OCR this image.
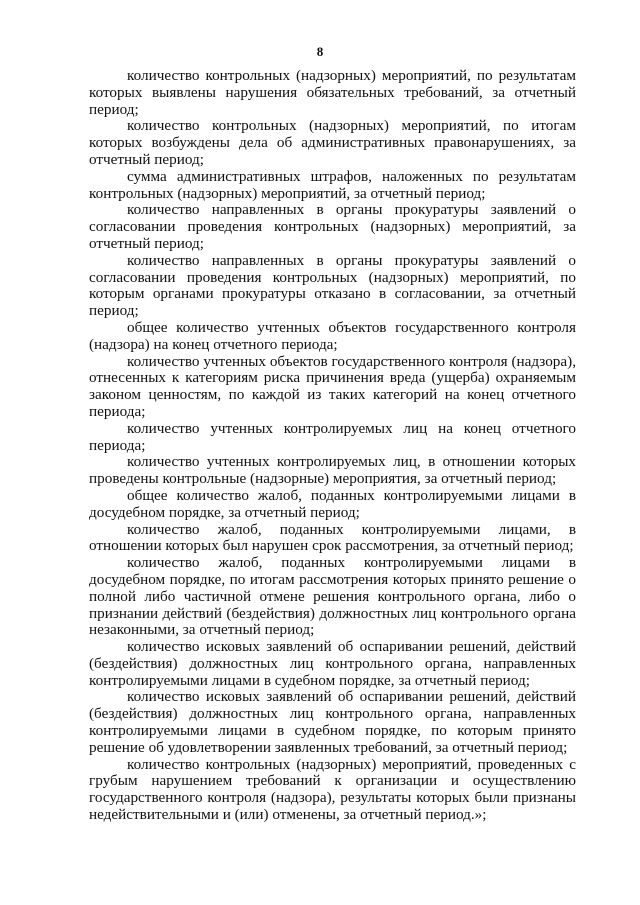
8

количество контрольных (надзорных) мероприятий, по результатам которых выявлены нарушения обязательных требований, за отчетный период;

количество контрольных (надзорных) мероприятий, по итогам которых возбуждены дела об административных правонарушениях, за отчетный период;

сумма административных штрафов, наложенных по результатам контрольных (надзорных) мероприятий, за отчетный период;

количество направленных в органы прокуратуры заявлений о согласовании проведения контрольных (надзорных) мероприятий, за отчетный период;

количество направленных в органы прокуратуры заявлений о согласовании проведения контрольных (надзорных) мероприятий, по которым органами прокуратуры отказано в согласовании, за отчетный период;

общее количество учтенных объектов государственного контроля (надзора) на конец отчетного периода;

количество учтенных объектов государственного контроля (надзора), отнесенных к категориям риска причинения вреда (ущерба) охраняемым законом ценностям, по каждой из таких категорий на конец отчетного периода;

количество учтенных контролируемых лиц на конец отчетного периода;

количество учтенных контролируемых лиц, в отношении которых проведены контрольные (надзорные) мероприятия, за отчетный период;

общее количество жалоб, поданных контролируемыми лицами в досудебном порядке, за отчетный период;

количество жалоб, поданных контролируемыми лицами, в отношении которых был нарушен срок рассмотрения, за отчетный период;

количество жалоб, поданных контролируемыми лицами в досудебном порядке, по итогам рассмотрения которых принято решение о полной либо частичной отмене решения контрольного органа, либо о признании действий (бездействия) должностных лиц контрольного органа незаконными, за отчетный период;

количество исковых заявлений об оспаривании решений, действий (бездействия) должностных лиц контрольного органа, направленных контролируемыми лицами в судебном порядке, за отчетный период;

количество исковых заявлений об оспаривании решений, действий (бездействия) должностных лиц контрольного органа, направленных контролируемыми лицами в судебном порядке, по которым принято решение об удовлетворении заявленных требований, за отчетный период;

количество контрольных (надзорных) мероприятий, проведенных с грубым нарушением требований к организации и осуществлению государственного контроля (надзора), результаты которых были признаны недействительными и (или) отменены, за отчетный период.»;
